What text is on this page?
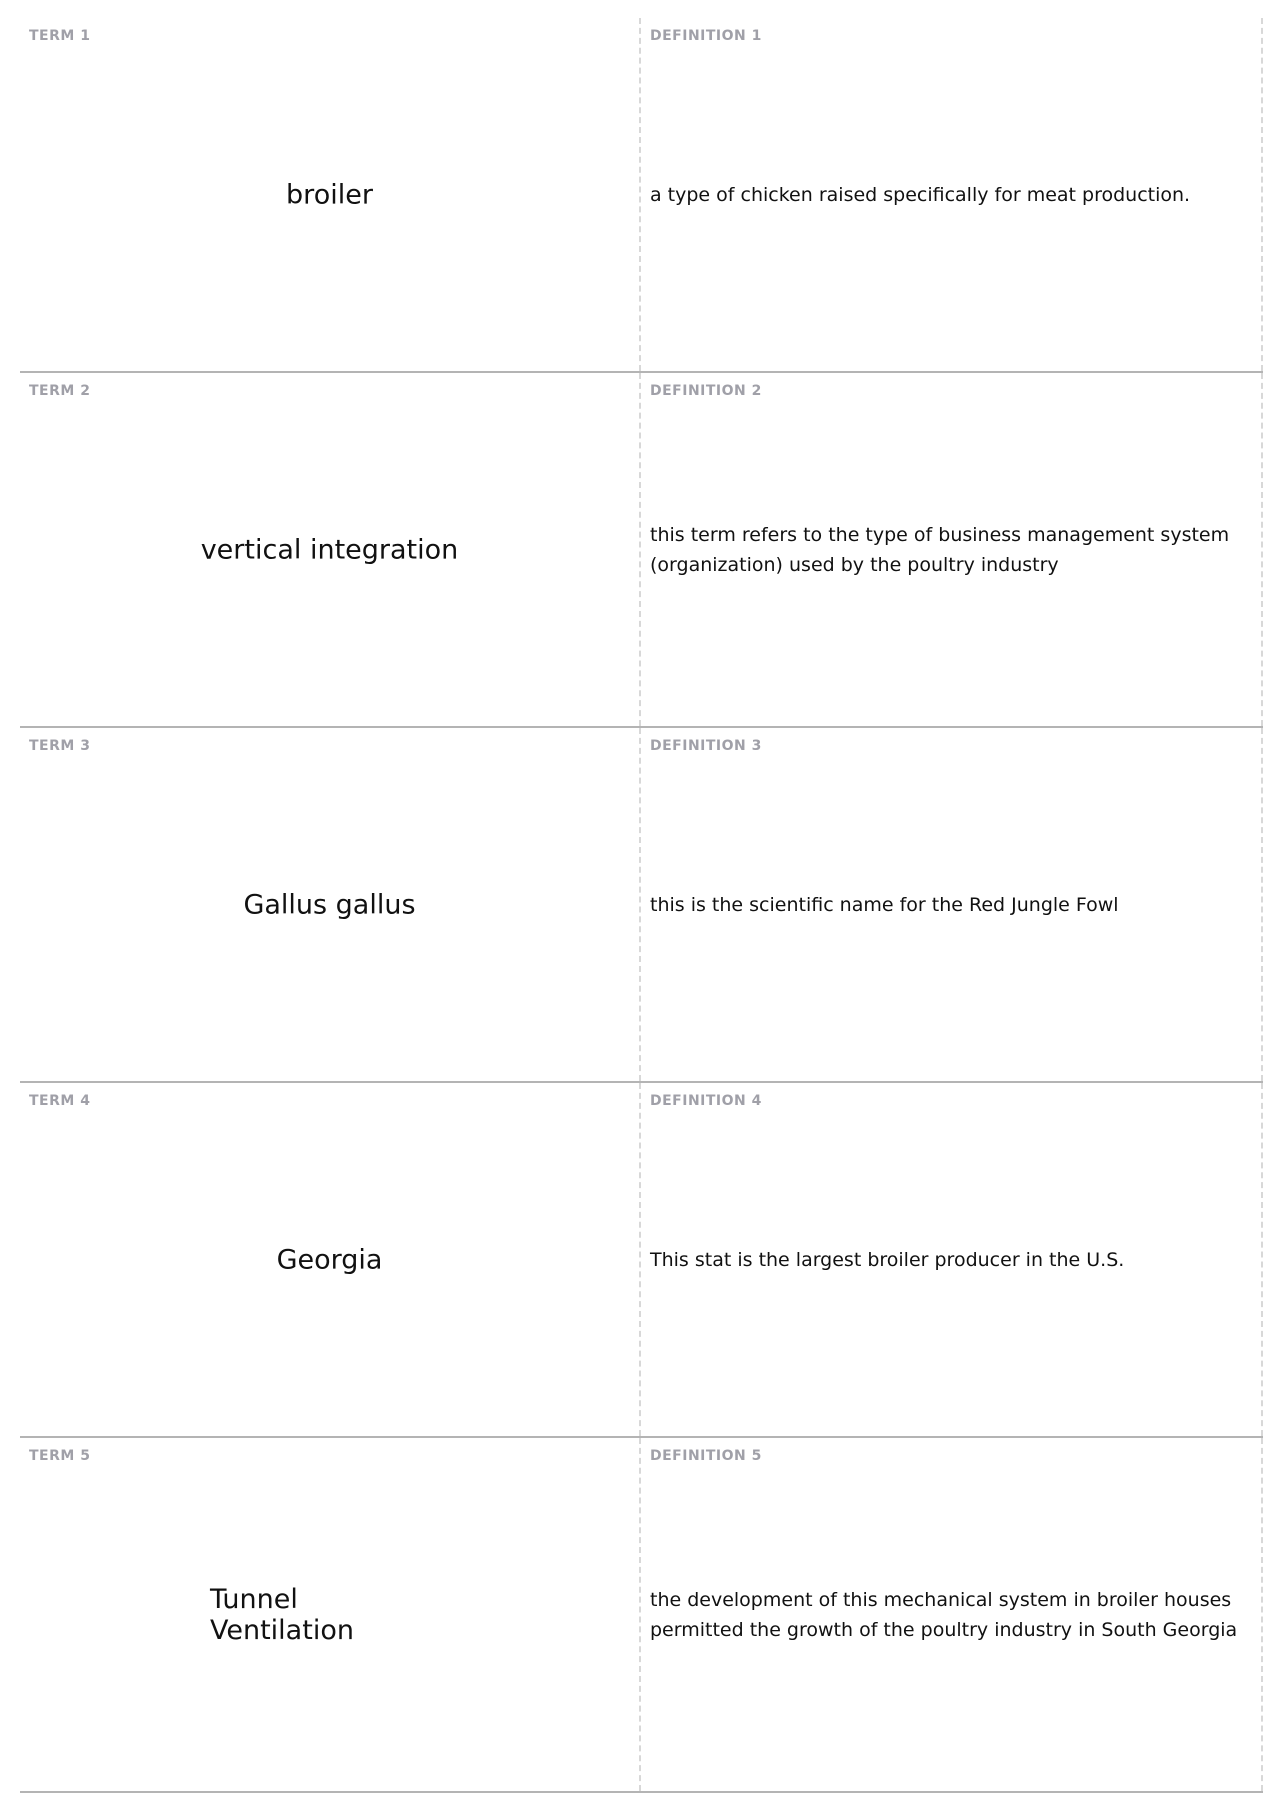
TERM 1
broiler
DEFINITION 1
a type of chicken raised specifically for meat production.
TERM 2
vertical integration
DEFINITION 2
this term refers to the type of business management system (organization) used by the poultry industry
TERM 3
Gallus gallus
DEFINITION 3
this is the scientific name for the Red Jungle Fowl
TERM 4
Georgia
DEFINITION 4
This stat is the largest broiler producer in the U.S.
TERM 5
Tunnel Ventilation
DEFINITION 5
the development of this mechanical system in broiler houses permitted the growth of the poultry industry in South Georgia
